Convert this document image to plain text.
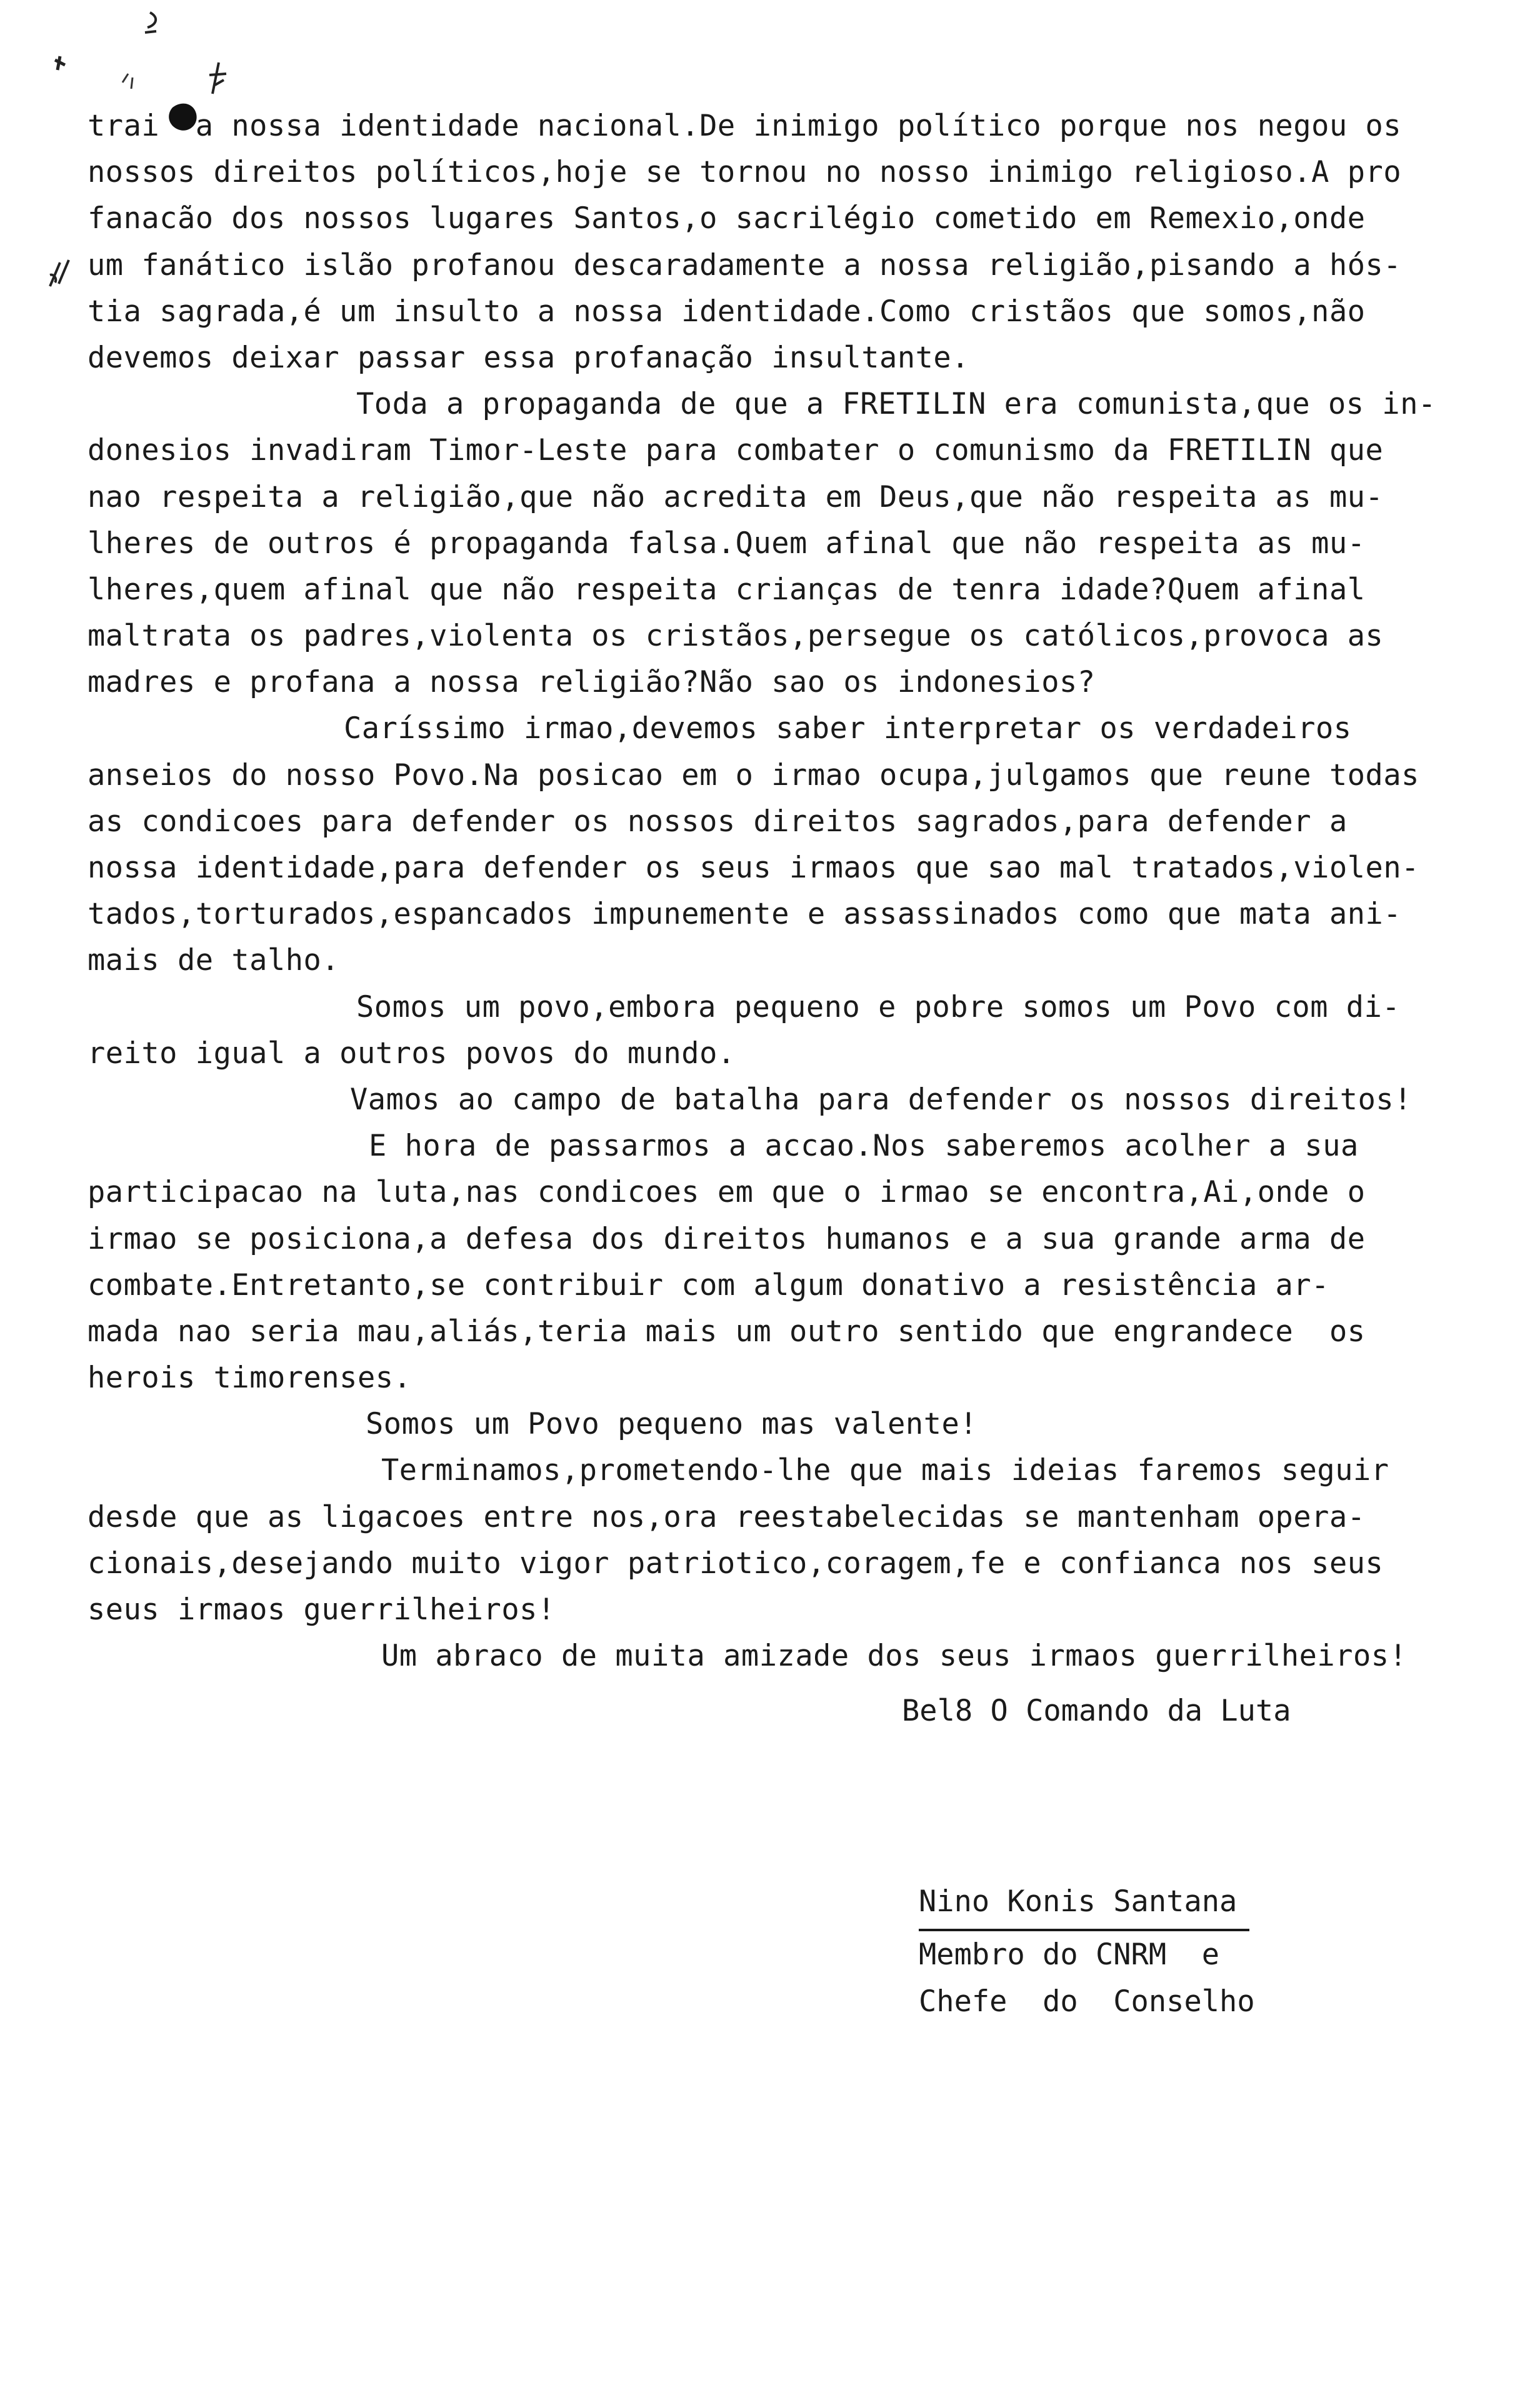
trai  a nossa identidade nacional.De inimigo político porque nos negou os
nossos direitos políticos,hoje se tornou no nosso inimigo religioso.A pro
fanacão dos nossos lugares Santos,o sacrilégio cometido em Remexio,onde
um fanático islão profanou descaradamente a nossa religião,pisando a hós-
tia sagrada,é um insulto a nossa identidade.Como cristãos que somos,não
devemos deixar passar essa profanação insultante.
Toda a propaganda de que a FRETILIN era comunista,que os in-
donesios invadiram Timor-Leste para combater o comunismo da FRETILIN que
nao respeita a religião,que não acredita em Deus,que não respeita as mu-
lheres de outros é propaganda falsa.Quem afinal que não respeita as mu-
lheres,quem afinal que não respeita crianças de tenra idade?Quem afinal
maltrata os padres,violenta os cristãos,persegue os católicos,provoca as
madres e profana a nossa religião?Não sao os indonesios?
Caríssimo irmao,devemos saber interpretar os verdadeiros
anseios do nosso Povo.Na posicao em o irmao ocupa,julgamos que reune todas
as condicoes para defender os nossos direitos sagrados,para defender a
nossa identidade,para defender os seus irmaos que sao mal tratados,violen-
tados,torturados,espancados impunemente e assassinados como que mata ani-
mais de talho.
Somos um povo,embora pequeno e pobre somos um Povo com di-
reito igual a outros povos do mundo.
Vamos ao campo de batalha para defender os nossos direitos!
E hora de passarmos a accao.Nos saberemos acolher a sua
participacao na luta,nas condicoes em que o irmao se encontra,Ai,onde o
irmao se posiciona,a defesa dos direitos humanos e a sua grande arma de
combate.Entretanto,se contribuir com algum donativo a resistência ar-
mada nao seria mau,aliás,teria mais um outro sentido que engrandece  os
herois timorenses.
Somos um Povo pequeno mas valente!
Terminamos,prometendo-lhe que mais ideias faremos seguir
desde que as ligacoes entre nos,ora reestabelecidas se mantenham opera-
cionais,desejando muito vigor patriotico,coragem,fe e confianca nos seus
seus irmaos guerrilheiros!
Um abraco de muita amizade dos seus irmaos guerrilheiros!
Bel8 O Comando da Luta
Nino Konis Santana
Membro do CNRM  e
Chefe  do  Conselho
